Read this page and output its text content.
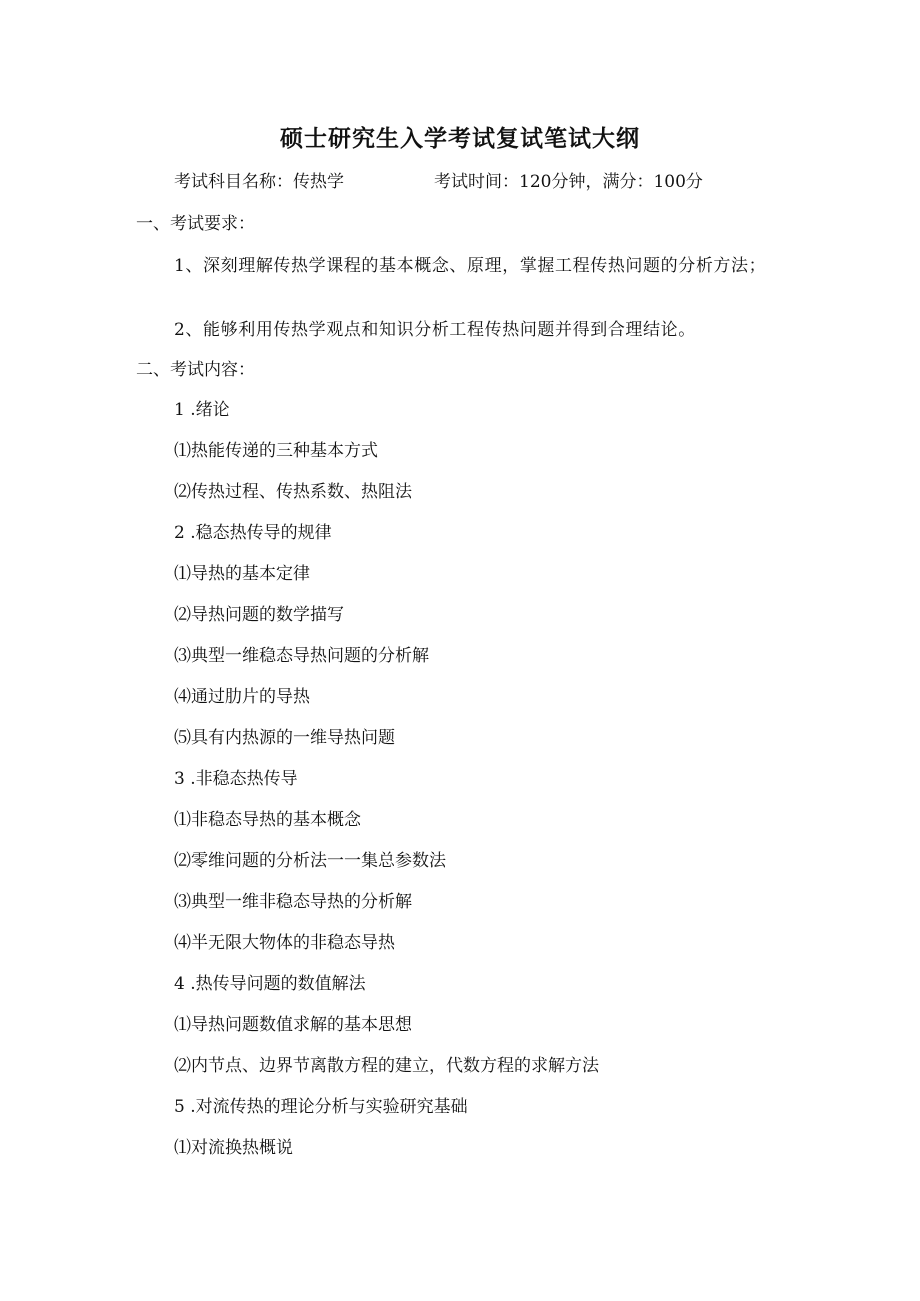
硕士研究生入学考试复试笔试大纲
考试科目名称：传热学	考试时间：120分钟，满分：100分
一、考试要求：
1、深刻理解传热学课程的基本概念、原理，掌握工程传热问题的分析方法；
2、能够利用传热学观点和知识分析工程传热问题并得到合理结论。
二、考试内容：
1 .绪论
⑴热能传递的三种基本方式
⑵传热过程、传热系数、热阻法
2 .稳态热传导的规律
⑴导热的基本定律
⑵导热问题的数学描写
⑶典型一维稳态导热问题的分析解
⑷通过肋片的导热
⑸具有内热源的一维导热问题
3 .非稳态热传导
⑴非稳态导热的基本概念
⑵零维问题的分析法一一集总参数法
⑶典型一维非稳态导热的分析解
⑷半无限大物体的非稳态导热
4 .热传导问题的数值解法
⑴导热问题数值求解的基本思想
⑵内节点、边界节离散方程的建立，代数方程的求解方法
5 .对流传热的理论分析与实验研究基础
⑴对流换热概说
